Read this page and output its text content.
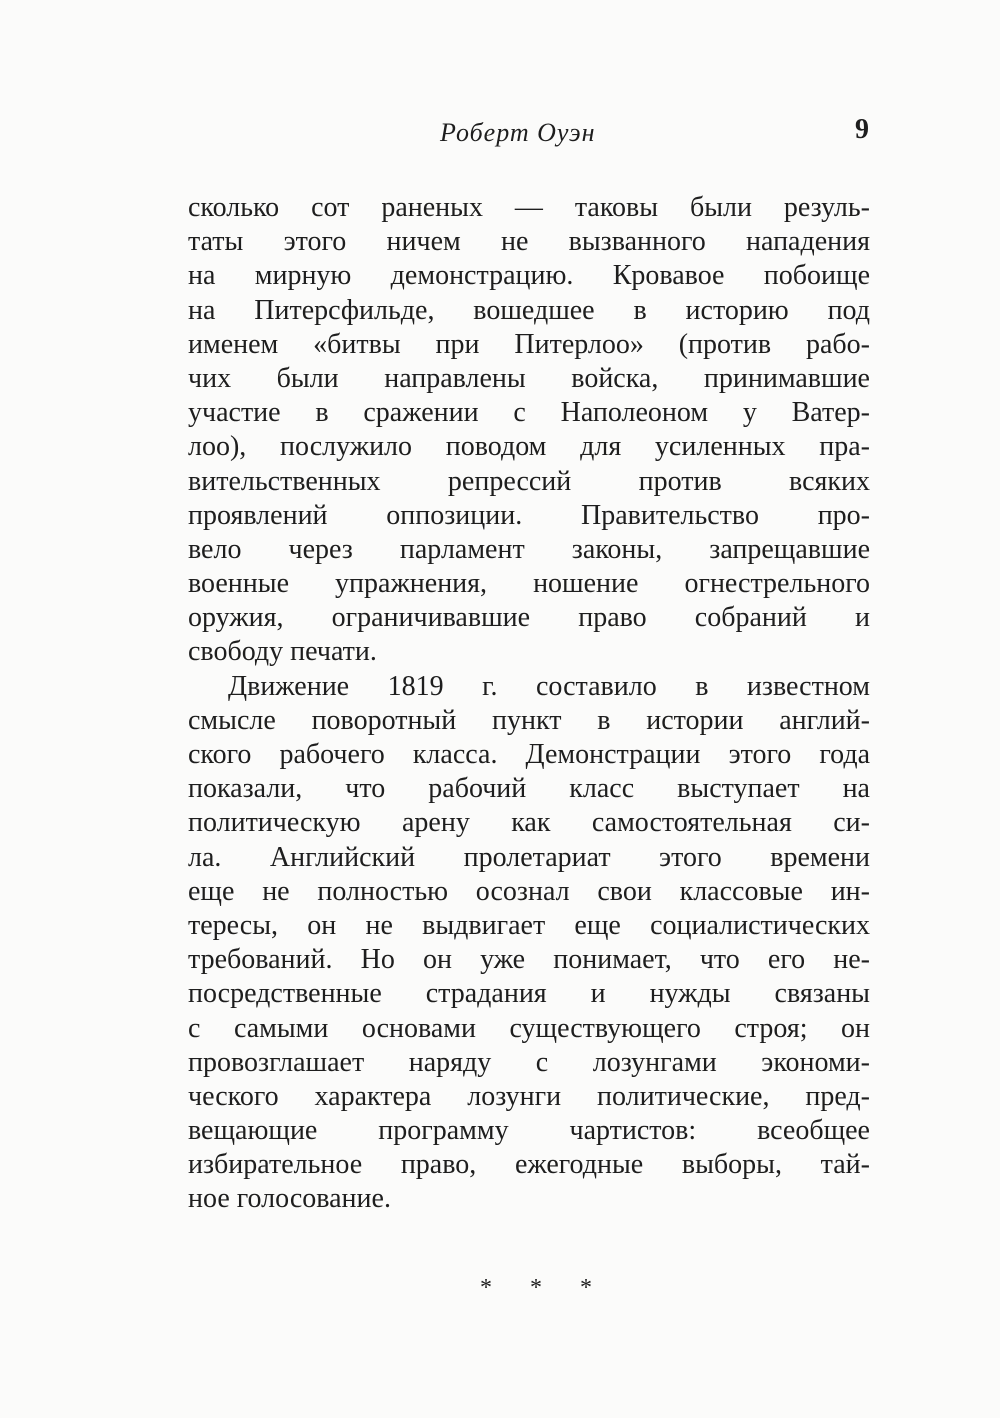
Роберт Оуэн	9
сколько сот раненых — таковы были резуль-
таты этого ничем не вызванного нападения
на мирную демонстрацию. Кровавое побоище
на Питерсфильде, вошедшее в историю под
именем «битвы при Питерлоо» (против рабо-
чих были направлены войска, принимавшие
участие в сражении с Наполеоном у Ватер-
лоо), послужило поводом для усиленных пра-
вительственных репрессий против всяких
проявлений оппозиции. Правительство про-
вело через парламент законы, запрещавшие
военные упражнения, ношение огнестрельного
оружия, ограничивавшие право собраний и
свободу печати.
Движение 1819 г. составило в известном
смысле поворотный пункт в истории англий-
ского рабочего класса. Демонстрации этого года
показали, что рабочий класс выступает на
политическую арену как самостоятельная си-
ла. Английский пролетариат этого времени
еще не полностью осознал свои классовые ин-
тересы, он не выдвигает еще социалистических
требований. Но он уже понимает, что его не-
посредственные страдания и нужды связаны
с самыми основами существующего строя; он
провозглашает наряду с лозунгами экономи-
ческого характера лозунги политические, пред-
вещающие программу чартистов: всеобщее
избирательное право, ежегодные выборы, тай-
ное голосование.
* * *
